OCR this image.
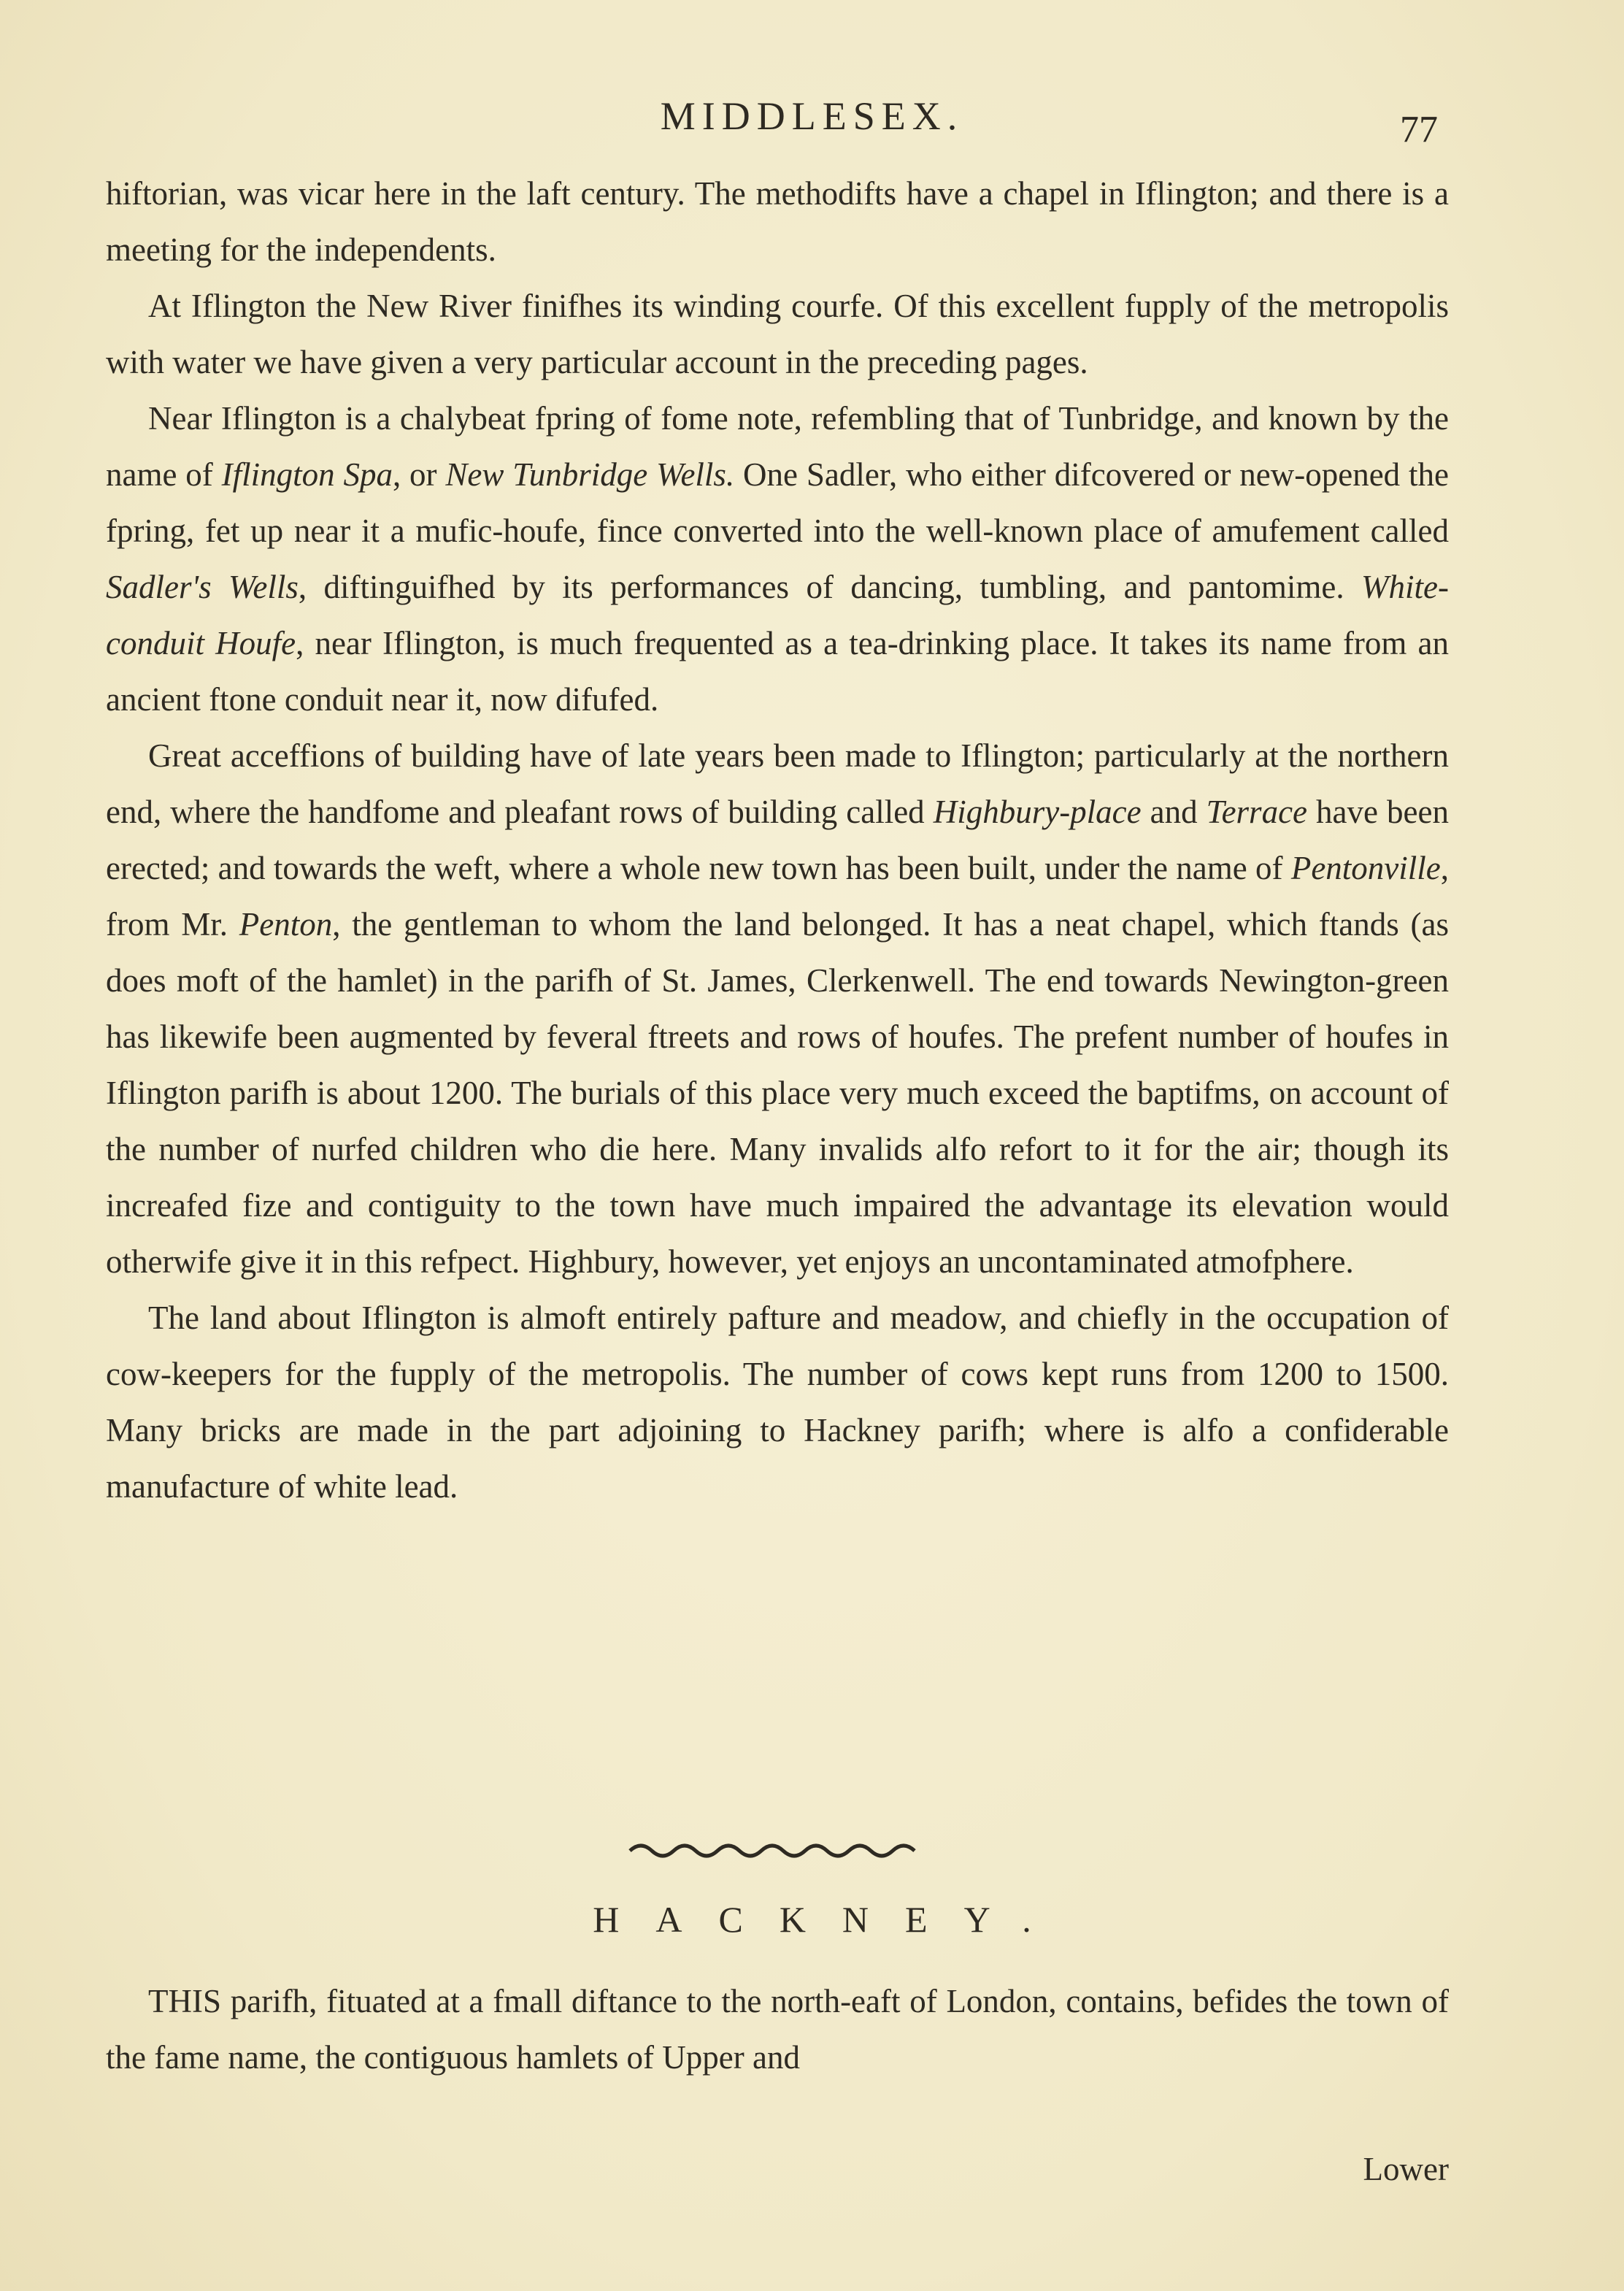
MIDDLESEX.	77

hiftorian, was vicar here in the laft century. The methodifts have a chapel in Iflington; and there is a meeting for the independents.

At Iflington the New River finifhes its winding courfe. Of this excellent fupply of the metropolis with water we have given a very particular account in the preceding pages.

Near Iflington is a chalybeat fpring of fome note, refembling that of Tunbridge, and known by the name of Iflington Spa, or New Tunbridge Wells. One Sadler, who either difcovered or new-opened the fpring, fet up near it a mufic-houfe, fince converted into the well-known place of amufement called Sadler's Wells, diftinguifhed by its performances of dancing, tumbling, and pantomime. White-conduit Houfe, near Iflington, is much frequented as a tea-drinking place. It takes its name from an ancient ftone conduit near it, now difufed.

Great acceffions of building have of late years been made to Iflington; particularly at the northern end, where the handfome and pleafant rows of building called Highbury-place and Terrace have been erected; and towards the weft, where a whole new town has been built, under the name of Pentonville, from Mr. Penton, the gentleman to whom the land belonged. It has a neat chapel, which ftands (as does moft of the hamlet) in the parifh of St. James, Clerkenwell. The end towards Newington-green has likewife been augmented by feveral ftreets and rows of houfes. The prefent number of houfes in Iflington parifh is about 1200. The burials of this place very much exceed the baptifms, on account of the number of nurfed children who die here. Many invalids alfo refort to it for the air; though its increafed fize and contiguity to the town have much impaired the advantage its elevation would otherwife give it in this refpect. Highbury, however, yet enjoys an uncontaminated atmofphere.

The land about Iflington is almoft entirely pafture and meadow, and chiefly in the occupation of cow-keepers for the fupply of the metropolis. The number of cows kept runs from 1200 to 1500. Many bricks are made in the part adjoining to Hackney parifh; where is alfo a confiderable manufacture of white lead.

HACKNEY.

THIS parifh, fituated at a fmall diftance to the north-eaft of London, contains, befides the town of the fame name, the contiguous hamlets of Upper and

Lower
